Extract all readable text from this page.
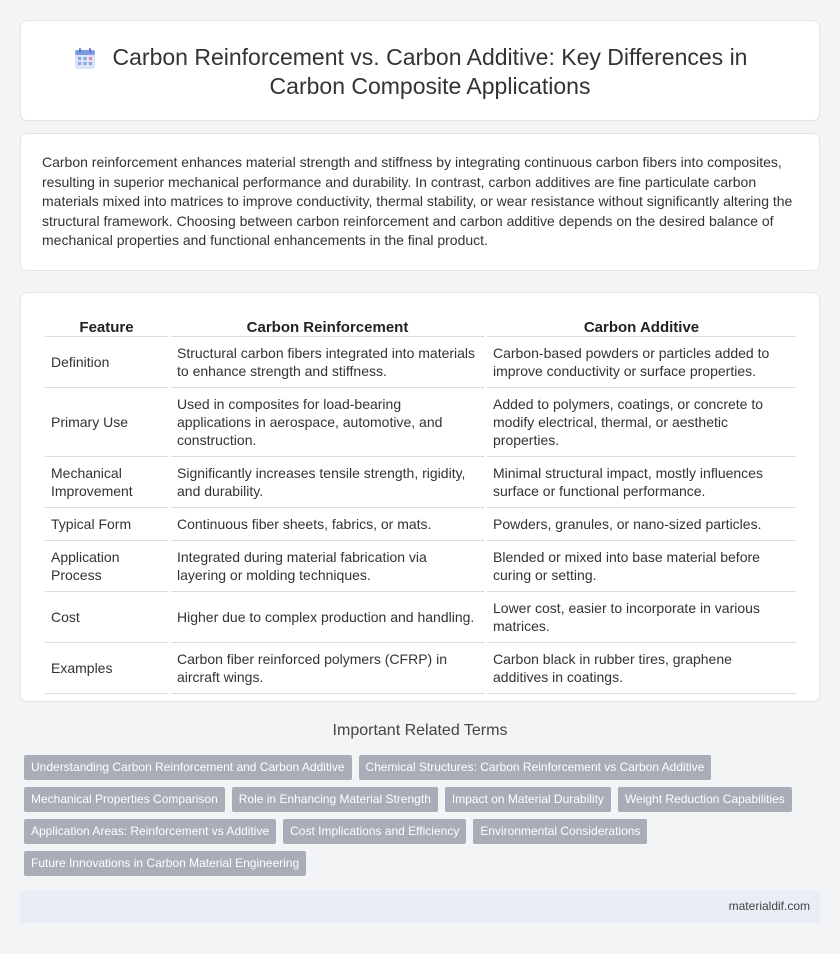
Carbon Reinforcement vs. Carbon Additive: Key Differences in Carbon Composite Applications

Carbon reinforcement enhances material strength and stiffness by integrating continuous carbon fibers into composites, resulting in superior mechanical performance and durability. In contrast, carbon additives are fine particulate carbon materials mixed into matrices to improve conductivity, thermal stability, or wear resistance without significantly altering the structural framework. Choosing between carbon reinforcement and carbon additive depends on the desired balance of mechanical properties and functional enhancements in the final product.

Feature	Carbon Reinforcement	Carbon Additive
Definition	Structural carbon fibers integrated into materials to enhance strength and stiffness.	Carbon-based powders or particles added to improve conductivity or surface properties.
Primary Use	Used in composites for load-bearing applications in aerospace, automotive, and construction.	Added to polymers, coatings, or concrete to modify electrical, thermal, or aesthetic properties.
Mechanical Improvement	Significantly increases tensile strength, rigidity, and durability.	Minimal structural impact, mostly influences surface or functional performance.
Typical Form	Continuous fiber sheets, fabrics, or mats.	Powders, granules, or nano-sized particles.
Application Process	Integrated during material fabrication via layering or molding techniques.	Blended or mixed into base material before curing or setting.
Cost	Higher due to complex production and handling.	Lower cost, easier to incorporate in various matrices.
Examples	Carbon fiber reinforced polymers (CFRP) in aircraft wings.	Carbon black in rubber tires, graphene additives in coatings.
Important Related Terms
Understanding Carbon Reinforcement and Carbon Additive	Chemical Structures: Carbon Reinforcement vs Carbon Additive
Mechanical Properties Comparison	Role in Enhancing Material Strength	Impact on Material Durability	Weight Reduction Capabilities
Application Areas: Reinforcement vs Additive	Cost Implications and Efficiency	Environmental Considerations
Future Innovations in Carbon Material Engineering
materialdif.com
